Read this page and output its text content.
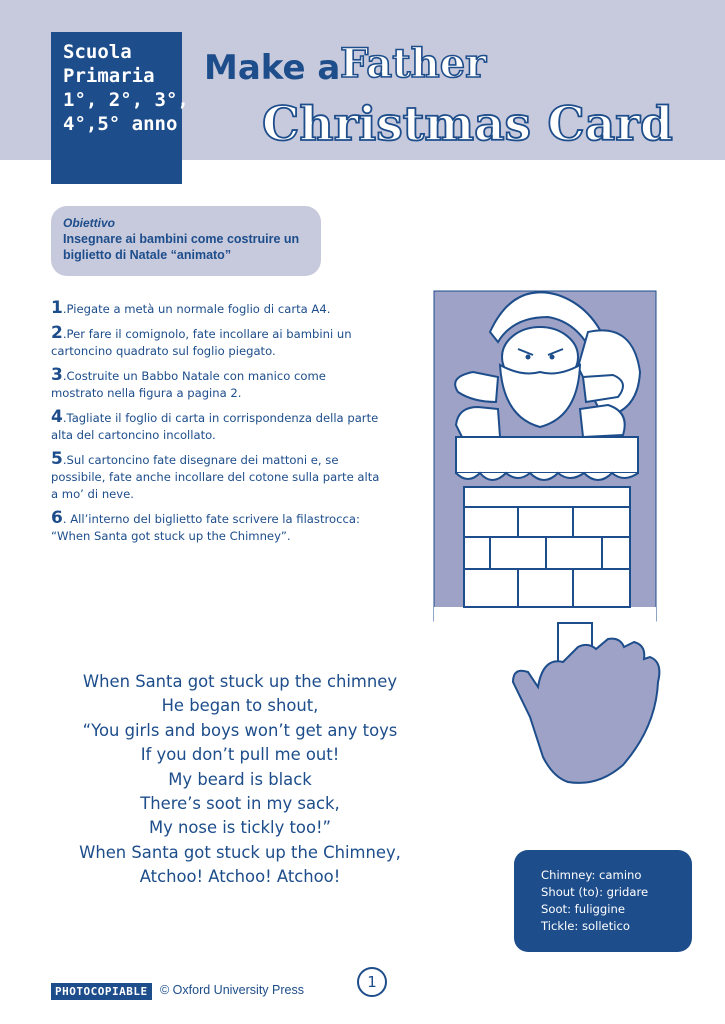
Scuola
Primaria
1°, 2°, 3°,
4°,5° anno
Make a Father
Christmas Card
Obiettivo
Insegnare ai bambini come costruire un biglietto di Natale “animato”
1.Piegate a metà un normale foglio di carta A4.
2.Per fare il comignolo, fate incollare ai bambini un cartoncino quadrato sul foglio piegato.
3.Costruite un Babbo Natale con manico come mostrato nella figura a pagina 2.
4.Tagliate il foglio di carta in corrispondenza della parte alta del cartoncino incollato.
5.Sul cartoncino fate disegnare dei mattoni e, se possibile, fate anche incollare del cotone sulla parte alta a mo’ di neve.
6. All’interno del biglietto fate scrivere la filastrocca: “When Santa got stuck up the Chimney”.
When Santa got stuck up the chimney
He began to shout,
“You girls and boys won’t get any toys
If you don’t pull me out!
My beard is black
There’s soot in my sack,
My nose is tickly too!”
When Santa got stuck up the Chimney,
Atchoo! Atchoo! Atchoo!	Chimney: camino
Shout (to): gridare
Soot: fuliggine
Tickle: solletico
PHOTOCOPIABLE © Oxford University Press	1
